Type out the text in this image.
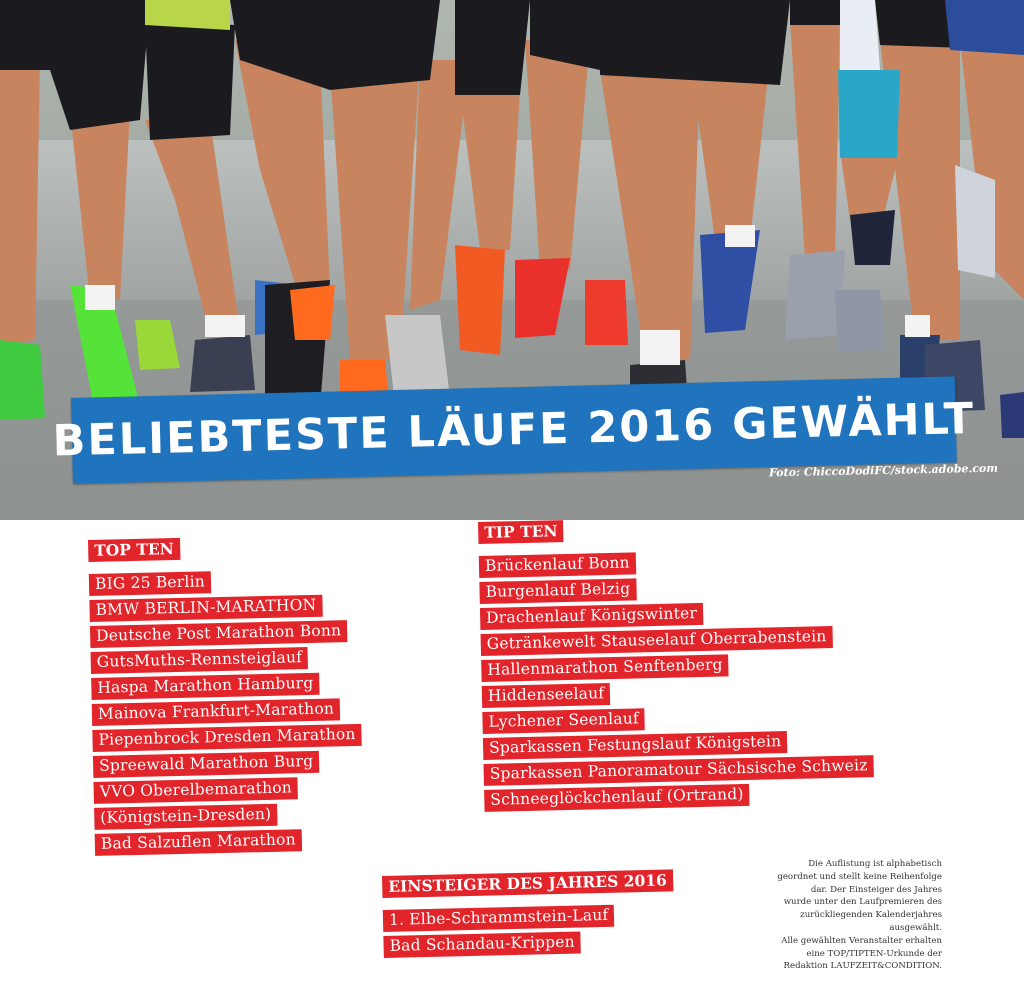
BELIEBTESTE LÄUFE 2016 GEWÄHLT
Foto: ChiccoDodiFC/stock.adobe.com
TOP TEN
BIG 25 Berlin
BMW BERLIN-MARATHON
Deutsche Post Marathon Bonn
GutsMuths-Rennsteiglauf
Haspa Marathon Hamburg
Mainova Frankfurt-Marathon
Piepenbrock Dresden Marathon
Spreewald Marathon Burg
VVO Oberelbemarathon
(Königstein-Dresden)
Bad Salzuflen Marathon
TIP TEN
Brückenlauf Bonn
Burgenlauf Belzig
Drachenlauf Königswinter
Getränkewelt Stauseelauf Oberrabenstein
Hallenmarathon Senftenberg
Hiddenseelauf
Lychener Seenlauf
Sparkassen Festungslauf Königstein
Sparkassen Panoramatour Sächsische Schweiz
Schneeglöckchenlauf (Ortrand)
EINSTEIGER DES JAHRES 2016
1. Elbe-Schrammstein-Lauf
Bad Schandau-Krippen

Die Auflistung ist alphabetisch

geordnet und stellt keine Reihenfolge

dar. Der Einsteiger des Jahres

wurde unter den Laufpremieren des

zurückliegenden Kalenderjahres

ausgewählt.

Alle gewählten Veranstalter erhalten

eine TOP/TIPTEN-Urkunde der

Redaktion LAUFZEIT&CONDITION.
